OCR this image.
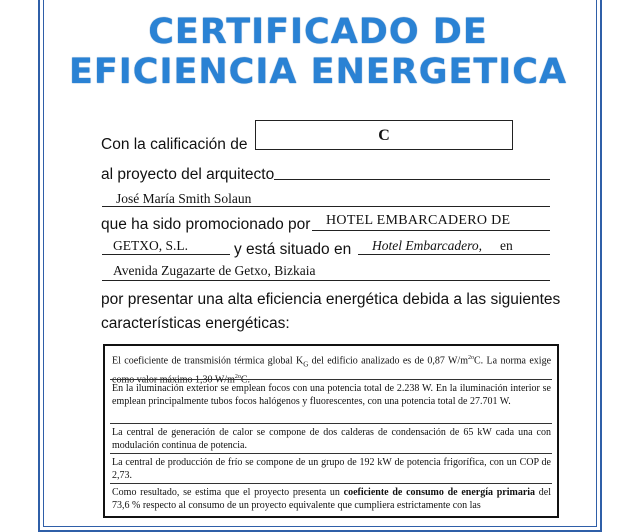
CERTIFICADO DE
EFICIENCIA ENERGETICA
Con la calificación de
C
al proyecto del arquitecto
José María Smith Solaun
que ha sido promocionado por HOTEL EMBARCADERO DE
GETXO, S.L.	y está situado en Hotel Embarcadero, en
Avenida Zugazarte de Getxo, Bizkaia
por presentar una alta eficiencia energética debida a las siguientes
características energéticas:

El coeficiente de transmisión térmica global $K_G$ del edificio analizado es de 0,87 $W/m^{2o}C$. La norma exige como valor máximo 1,30 $W/m^{2o}C$.

En la iluminación exterior se emplean focos con una potencia total de 2.238 W. En la iluminación interior se emplean principalmente tubos focos halógenos y fluorescentes, con una potencia total de 27.701 W.

La central de generación de calor se compone de dos calderas de condensación de 65 kW cada una con modulación continua de potencia.

La central de producción de frío se compone de un grupo de 192 kW de potencia frigorífica, con un COP de 2,73.

Como resultado, se estima que el proyecto presenta un coeficiente de consumo de energía primaria del 73,6 % respecto al consumo de un proyecto equivalente que cumpliera estrictamente con las
